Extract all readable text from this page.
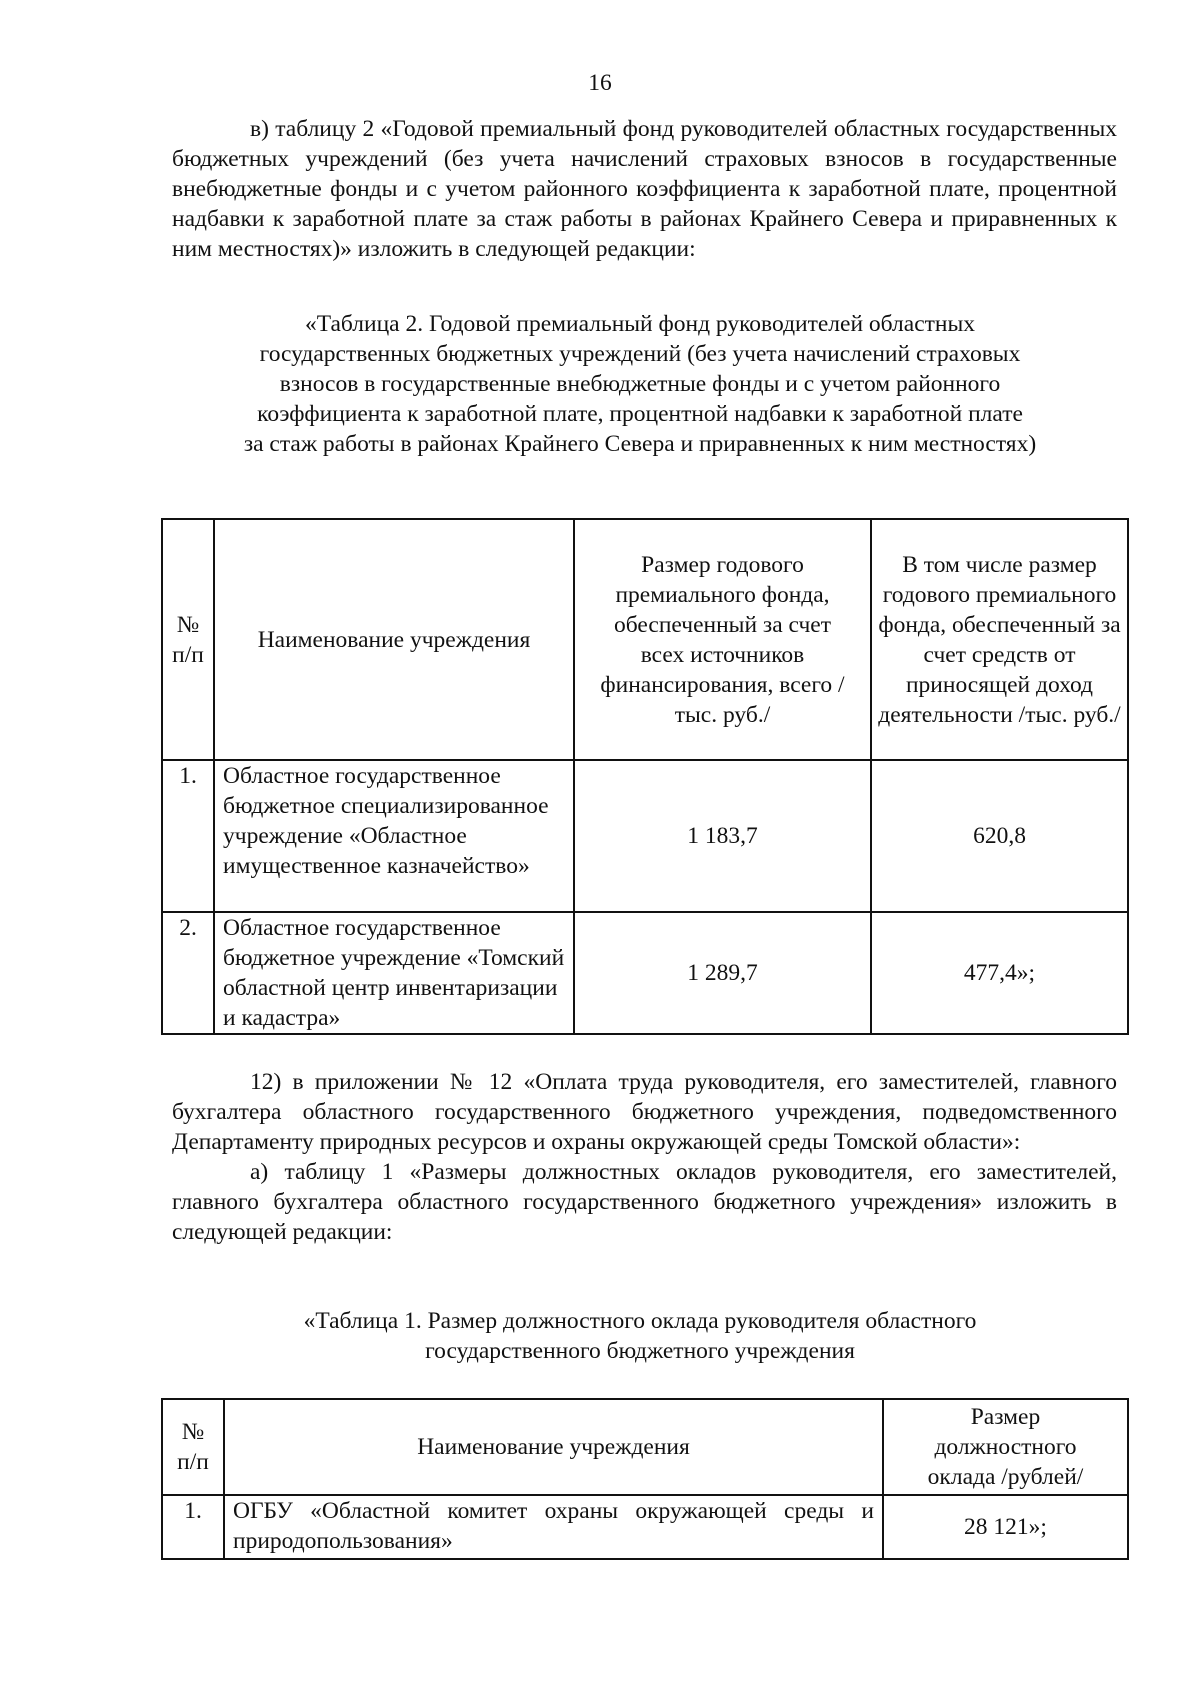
16

в) таблицу 2 «Годовой премиальный фонд руководителей областных государственных бюджетных учреждений (без учета начислений страховых взносов в государственные внебюджетные фонды и с учетом районного коэффициента к заработной плате, процентной надбавки к заработной плате за стаж работы в районах Крайнего Севера и приравненных к ним местностях)» изложить в следующей редакции:

«Таблица 2. Годовой премиальный фонд руководителей областных

государственных бюджетных учреждений (без учета начислений страховых

взносов в государственные внебюджетные фонды и с учетом районного

коэффициента к заработной плате, процентной надбавки к заработной плате

за стаж работы в районах Крайнего Севера и приравненных к ним местностях)

№ п/п	Наименование учреждения	Размер годового премиального фонда, обеспеченный за счет всех источников финансирования, всего /тыс. руб./	В том числе размер годового премиального фонда, обеспеченный за счет средств от приносящей доход деятельности /тыс. руб./
1.	Областное государственное бюджетное специализированное учреждение «Областное имущественное казначейство»	1 183,7	620,8
2.	Областное государственное бюджетное учреждение «Томский областной центр инвентаризации и кадастра»	1 289,7	477,4»;

12) в приложении № 12 «Оплата труда руководителя, его заместителей, главного бухгалтера областного государственного бюджетного учреждения, подведомственного Департаменту природных ресурсов и охраны окружающей среды Томской области»:

а) таблицу 1 «Размеры должностных окладов руководителя, его заместителей, главного бухгалтера областного государственного бюджетного учреждения» изложить в следующей редакции:

«Таблица 1. Размер должностного оклада руководителя областного

государственного бюджетного учреждения

№ п/п	Наименование учреждения	Размер должностного оклада /рублей/
1.	ОГБУ «Областной комитет охраны окружающей среды и природопользования»	28 121»;
